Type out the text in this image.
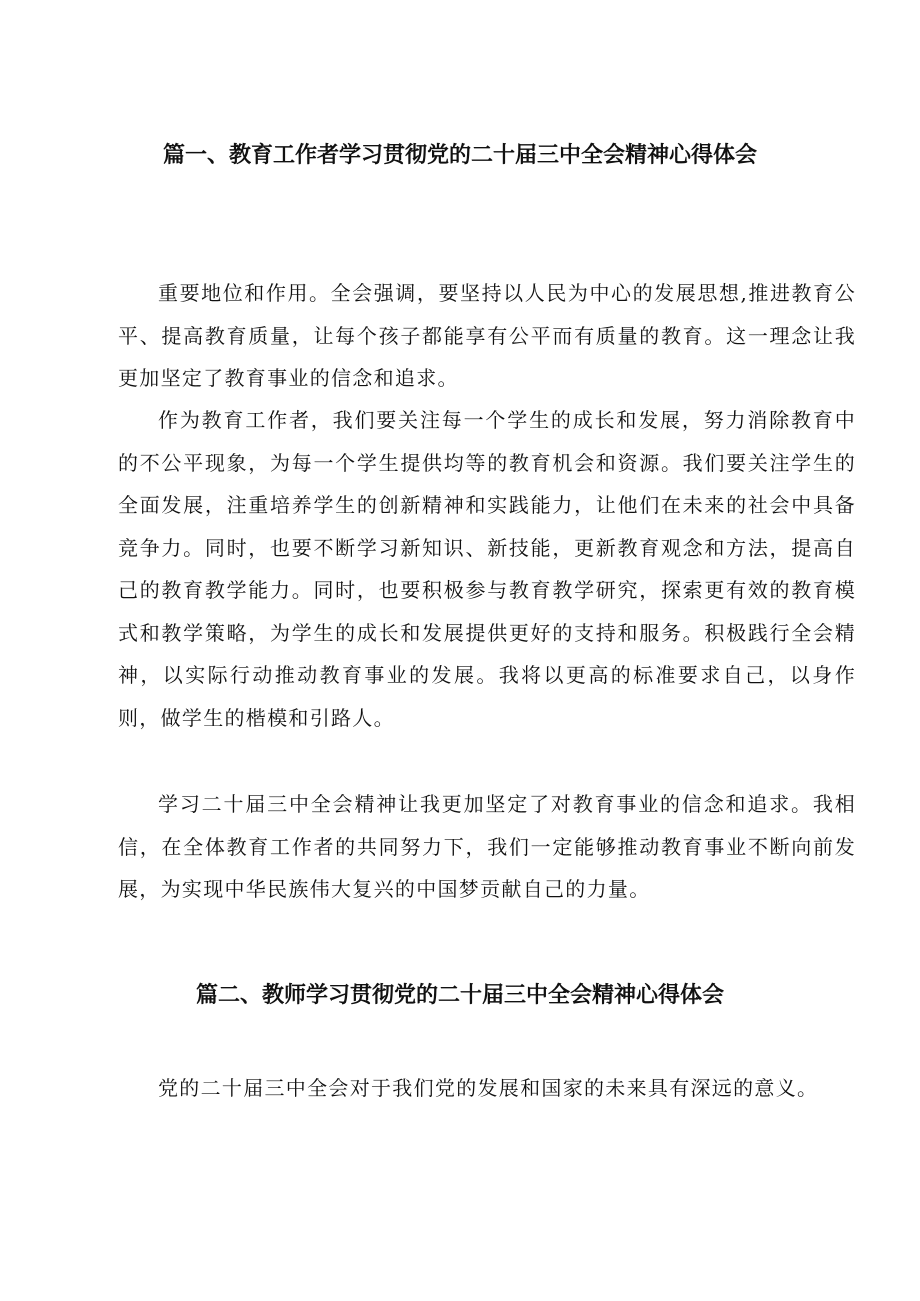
篇一、教育工作者学习贯彻党的二十届三中全会精神心得体会

重要地位和作用。全会强调，要坚持以人民为中心的发展思想,推进教育公平、提高教育质量，让每个孩子都能享有公平而有质量的教育。这一理念让我更加坚定了教育事业的信念和追求。

作为教育工作者，我们要关注每一个学生的成长和发展，努力消除教育中的不公平现象，为每一个学生提供均等的教育机会和资源。我们要关注学生的全面发展，注重培养学生的创新精神和实践能力，让他们在未来的社会中具备竞争力。同时，也要不断学习新知识、新技能，更新教育观念和方法，提高自己的教育教学能力。同时，也要积极参与教育教学研究，探索更有效的教育模式和教学策略，为学生的成长和发展提供更好的支持和服务。积极践行全会精神，以实际行动推动教育事业的发展。我将以更高的标准要求自己，以身作则，做学生的楷模和引路人。

学习二十届三中全会精神让我更加坚定了对教育事业的信念和追求。我相信，在全体教育工作者的共同努力下，我们一定能够推动教育事业不断向前发展，为实现中华民族伟大复兴的中国梦贡献自己的力量。

篇二、教师学习贯彻党的二十届三中全会精神心得体会

党的二十届三中全会对于我们党的发展和国家的未来具有深远的意义。
